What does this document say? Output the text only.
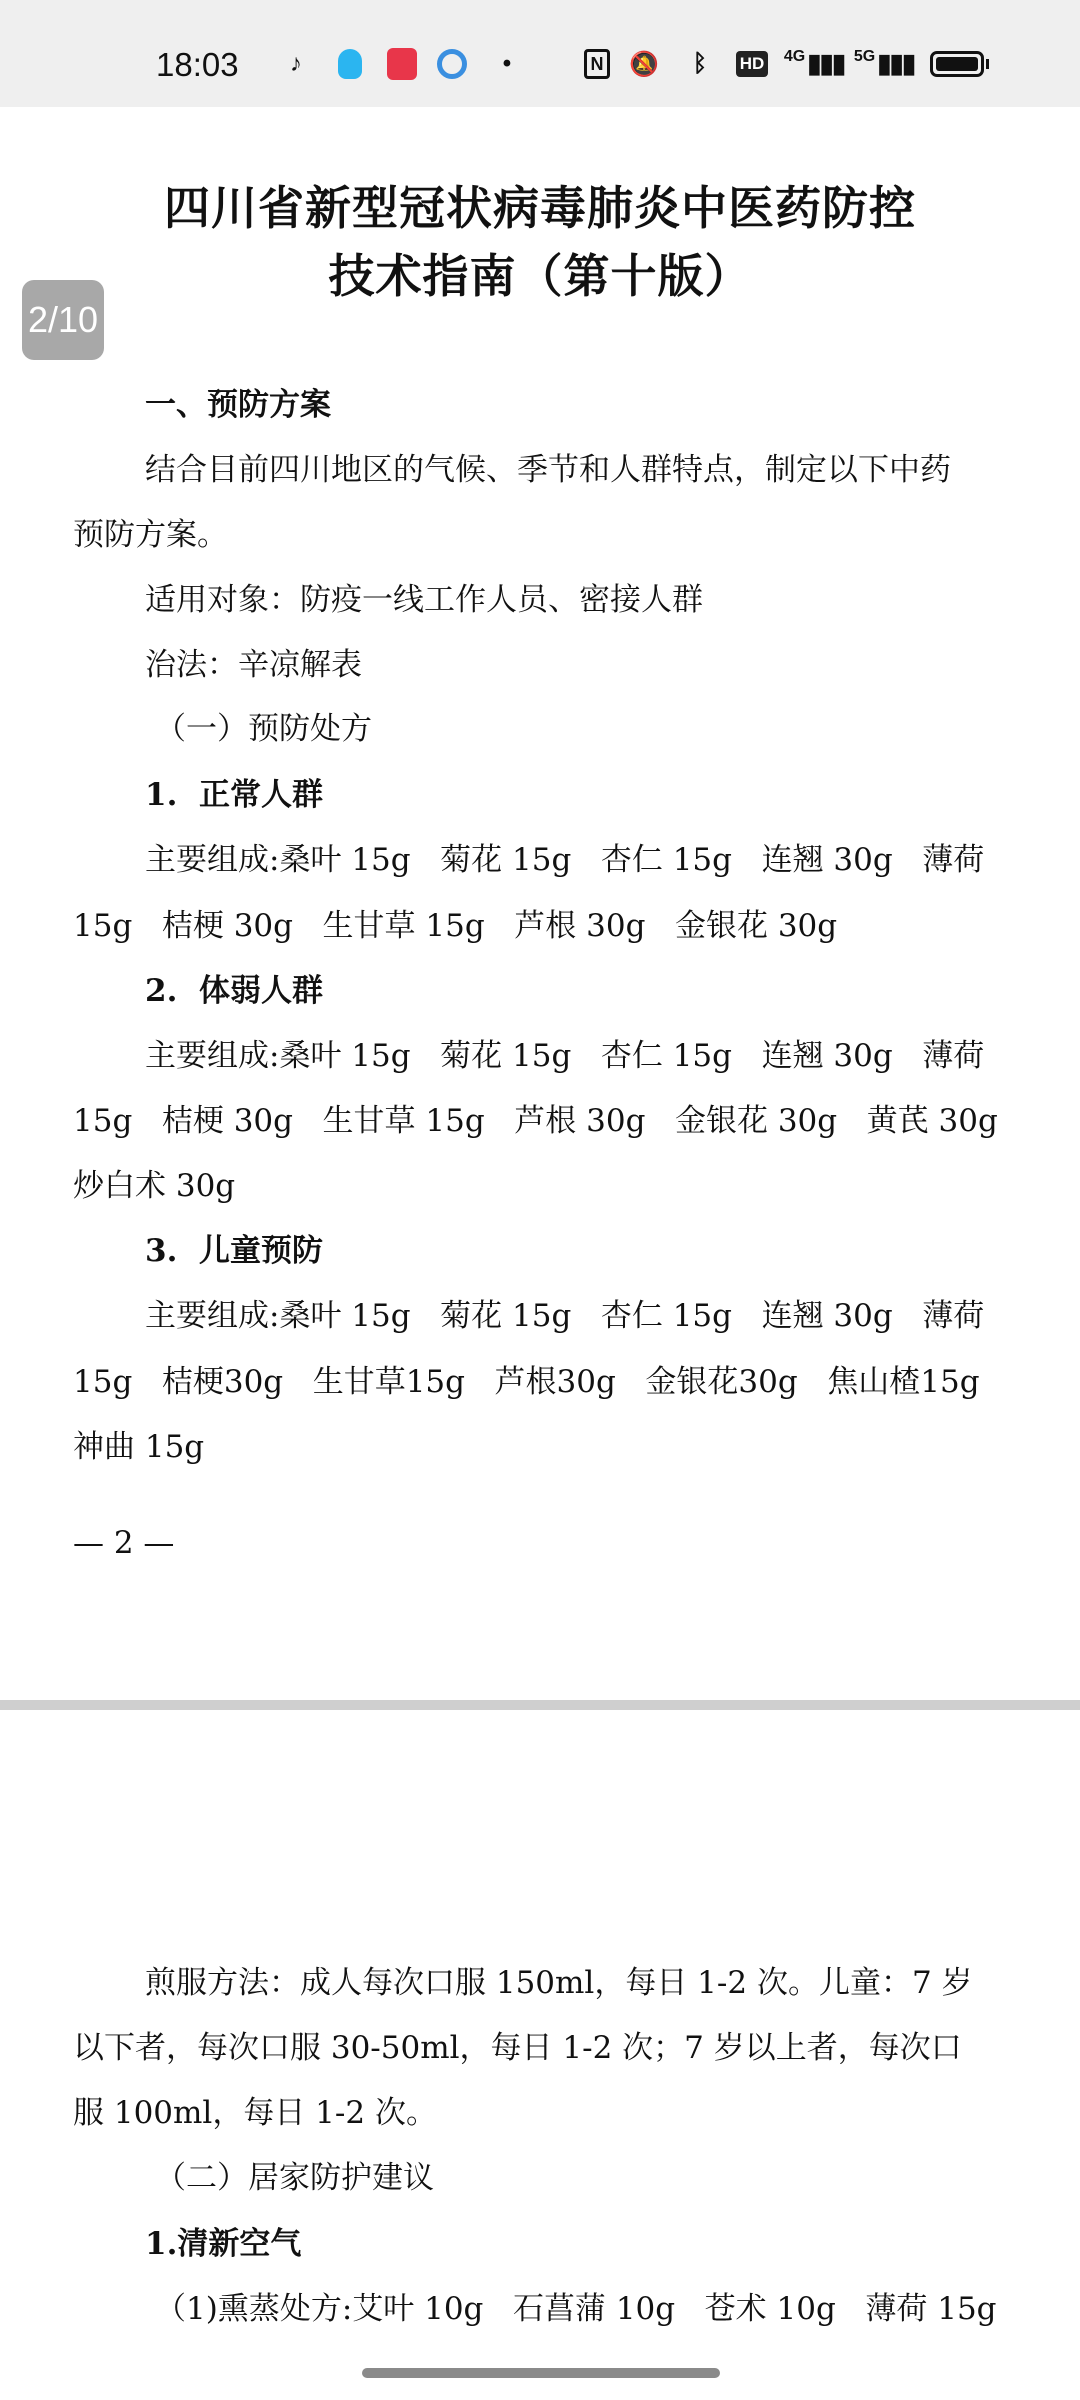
18:03 ♪	•	N 🔕 ᛒ HD 4G ▮▮▮ 5G ▮▮▮
四川省新型冠状病毒肺炎中医药防控
技术指南（第十版）
2/10
一、预防方案
结合目前四川地区的气候、季节和人群特点，制定以下中药
预防方案。
适用对象：防疫一线工作人员、密接人群
治法：辛凉解表
（一）预防处方
1.  正常人群
主要组成:桑叶 15g   菊花 15g   杏仁 15g   连翘 30g   薄荷
15g   桔梗 30g   生甘草 15g   芦根 30g   金银花 30g
2.  体弱人群
主要组成:桑叶 15g   菊花 15g   杏仁 15g   连翘 30g   薄荷
15g   桔梗 30g   生甘草 15g   芦根 30g   金银花 30g   黄芪 30g
炒白术 30g
3.  儿童预防
主要组成:桑叶 15g   菊花 15g   杏仁 15g   连翘 30g   薄荷
15g   桔梗30g   生甘草15g   芦根30g   金银花30g   焦山楂15g
神曲 15g
— 2 —
煎服方法：成人每次口服 150ml，每日 1-2 次。儿童：7 岁
以下者，每次口服 30-50ml，每日 1-2 次；7 岁以上者，每次口
服 100ml，每日 1-2 次。
（二）居家防护建议
1.清新空气
（1)熏蒸处方:艾叶 10g   石菖蒲 10g   苍术 10g   薄荷 15g
